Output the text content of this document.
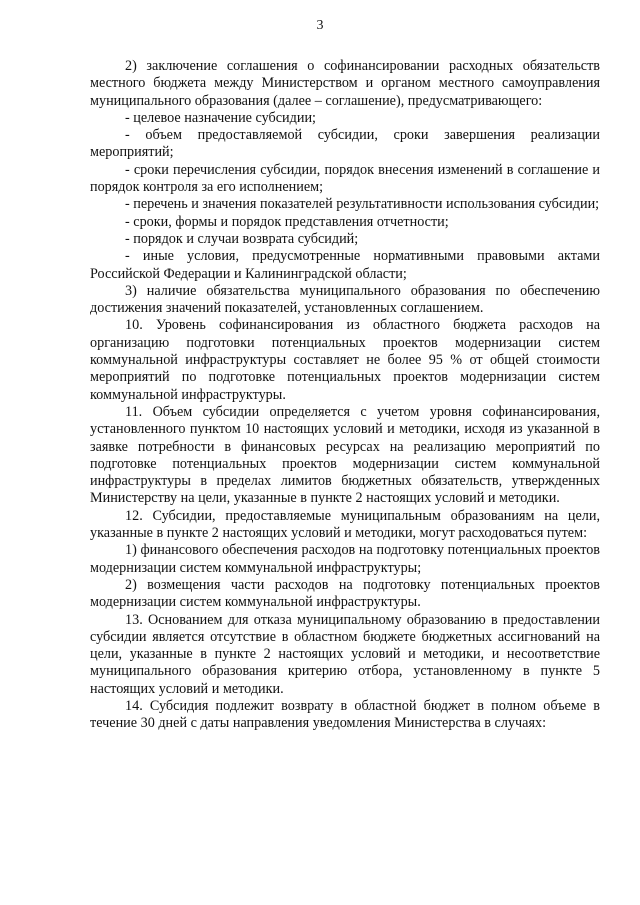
3

2) заключение соглашения о софинансировании расходных обязательств местного бюджета между Министерством и органом местного самоуправления муниципального образования (далее – соглашение), предусматривающего:

- целевое назначение субсидии;

- объем предоставляемой субсидии, сроки завершения реализации мероприятий;

- сроки перечисления субсидии, порядок внесения изменений в соглашение и порядок контроля за его исполнением;

- перечень и значения показателей результативности использования субсидии;

- сроки, формы и порядок представления отчетности;

- порядок и случаи возврата субсидий;

- иные условия, предусмотренные нормативными правовыми актами Российской Федерации и Калининградской области;

3) наличие обязательства муниципального образования по обеспечению достижения значений показателей, установленных соглашением.

10. Уровень софинансирования из областного бюджета расходов на организацию подготовки потенциальных проектов модернизации систем коммунальной инфраструктуры составляет не более 95 % от общей стоимости мероприятий по подготовке потенциальных проектов модернизации систем коммунальной инфраструктуры.

11. Объем субсидии определяется с учетом уровня софинансирования, установленного пунктом 10 настоящих условий и методики, исходя из указанной в заявке потребности в финансовых ресурсах на реализацию мероприятий по подготовке потенциальных проектов модернизации систем коммунальной инфраструктуры в пределах лимитов бюджетных обязательств, утвержденных Министерству на цели, указанные в пункте 2 настоящих условий и методики.

12. Субсидии, предоставляемые муниципальным образованиям на цели, указанные в пункте 2 настоящих условий и методики, могут расходоваться путем:

1) финансового обеспечения расходов на подготовку потенциальных проектов модернизации систем коммунальной инфраструктуры;

2) возмещения части расходов на подготовку потенциальных проектов модернизации систем коммунальной инфраструктуры.

13. Основанием для отказа муниципальному образованию в предоставлении субсидии является отсутствие в областном бюджете бюджетных ассигнований на цели, указанные в пункте 2 настоящих условий и методики, и несоответствие муниципального образования критерию отбора, установленному в пункте 5 настоящих условий и методики.

14. Субсидия подлежит возврату в областной бюджет в полном объеме в течение 30 дней с даты направления уведомления Министерства в случаях:
